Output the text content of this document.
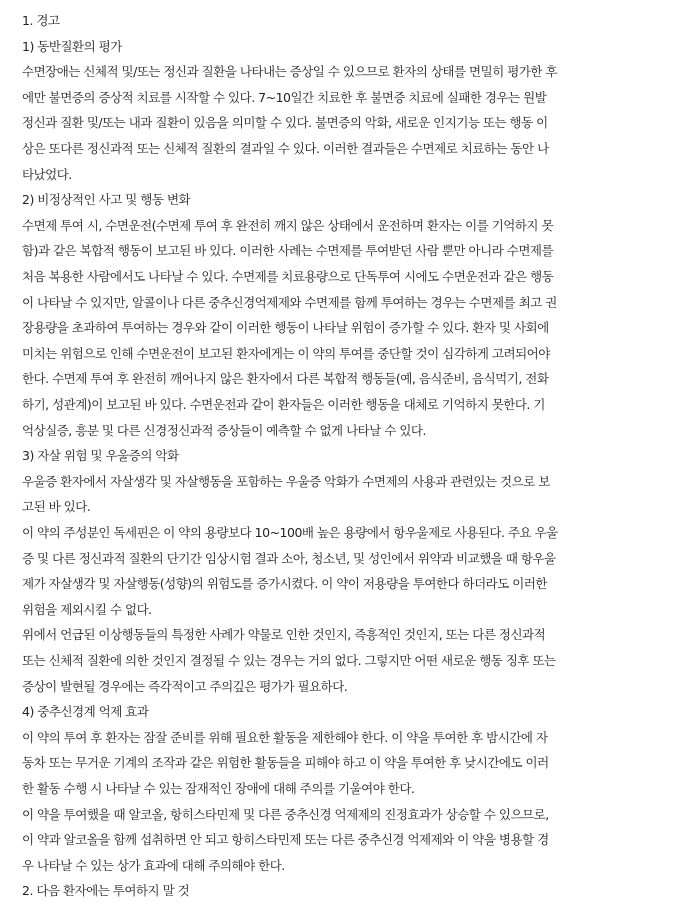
1. 경고
1) 동반질환의 평가
수면장애는 신체적 및/또는 정신과 질환을 나타내는 증상일 수 있으므로 환자의 상태를 면밀히 평가한 후
에만 불면증의 증상적 치료를 시작할 수 있다. 7~10일간 치료한 후 불면증 치료에 실패한 경우는 원발
정신과 질환 및/또는 내과 질환이 있음을 의미할 수 있다. 불면증의 악화, 새로운 인지기능 또는 행동 이
상은 또다른 정신과적 또는 신체적 질환의 결과일 수 있다. 이러한 결과들은 수면제로 치료하는 동안 나
타났었다.
2) 비정상적인 사고 및 행동 변화
수면제 투여 시, 수면운전(수면제 투여 후 완전히 깨지 않은 상태에서 운전하며 환자는 이를 기억하지 못
함)과 같은 복합적 행동이 보고된 바 있다. 이러한 사례는 수면제를 투여받던 사람 뿐만 아니라 수면제를
처음 복용한 사람에서도 나타날 수 있다. 수면제를 치료용량으로 단독투여 시에도 수면운전과 같은 행동
이 나타날 수 있지만, 알콜이나 다른 중추신경억제제와 수면제를 함께 투여하는 경우는 수면제를 최고 권
장용량을 초과하여 투여하는 경우와 같이 이러한 행동이 나타날 위험이 증가할 수 있다. 환자 및 사회에
미치는 위험으로 인해 수면운전이 보고된 환자에게는 이 약의 투여를 중단할 것이 심각하게 고려되어야
한다. 수면제 투여 후 완전히 깨어나지 않은 환자에서 다른 복합적 행동들(예, 음식준비, 음식먹기, 전화
하기, 성관계)이 보고된 바 있다. 수면운전과 같이 환자들은 이러한 행동을 대체로 기억하지 못한다. 기
억상실증, 흥분 및 다른 신경정신과적 증상들이 예측할 수 없게 나타날 수 있다.
3) 자살 위험 및 우울증의 악화
우울증 환자에서 자살생각 및 자살행동을 포함하는 우울증 악화가 수면제의 사용과 관련있는 것으로 보
고된 바 있다.
이 약의 주성분인 독세핀은 이 약의 용량보다 10~100배 높은 용량에서 항우울제로 사용된다. 주요 우울
증 및 다른 정신과적 질환의 단기간 임상시험 결과 소아, 청소년, 및 성인에서 위약과 비교했을 때 항우울
제가 자살생각 및 자살행동(성향)의 위험도를 증가시켰다. 이 약이 저용량을 투여한다 하더라도 이러한
위험을 제외시킬 수 없다.
위에서 언급된 이상행동들의 특정한 사례가 약물로 인한 것인지, 즉흥적인 것인지, 또는 다른 정신과적
또는 신체적 질환에 의한 것인지 결정될 수 있는 경우는 거의 없다. 그렇지만 어떤 새로운 행동 징후 또는
증상이 발현될 경우에는 즉각적이고 주의깊은 평가가 필요하다.
4) 중추신경계 억제 효과
이 약의 투여 후 환자는 잠잘 준비를 위해 필요한 활동을 제한해야 한다. 이 약을 투여한 후 밤시간에 자
동차 또는 무거운 기계의 조작과 같은 위험한 활동들을 피해야 하고 이 약을 투여한 후 낮시간에도 이러
한 활동 수행 시 나타날 수 있는 잠재적인 장애에 대해 주의를 기울여야 한다.
이 약을 투여했을 때 알코올, 항히스타민제 및 다른 중추신경 억제제의 진정효과가 상승할 수 있으므로,
이 약과 알코올을 함께 섭취하면 안 되고 항히스타민제 또는 다른 중추신경 억제제와 이 약을 병용할 경
우 나타날 수 있는 상가 효과에 대해 주의해야 한다.
2. 다음 환자에는 투여하지 말 것
